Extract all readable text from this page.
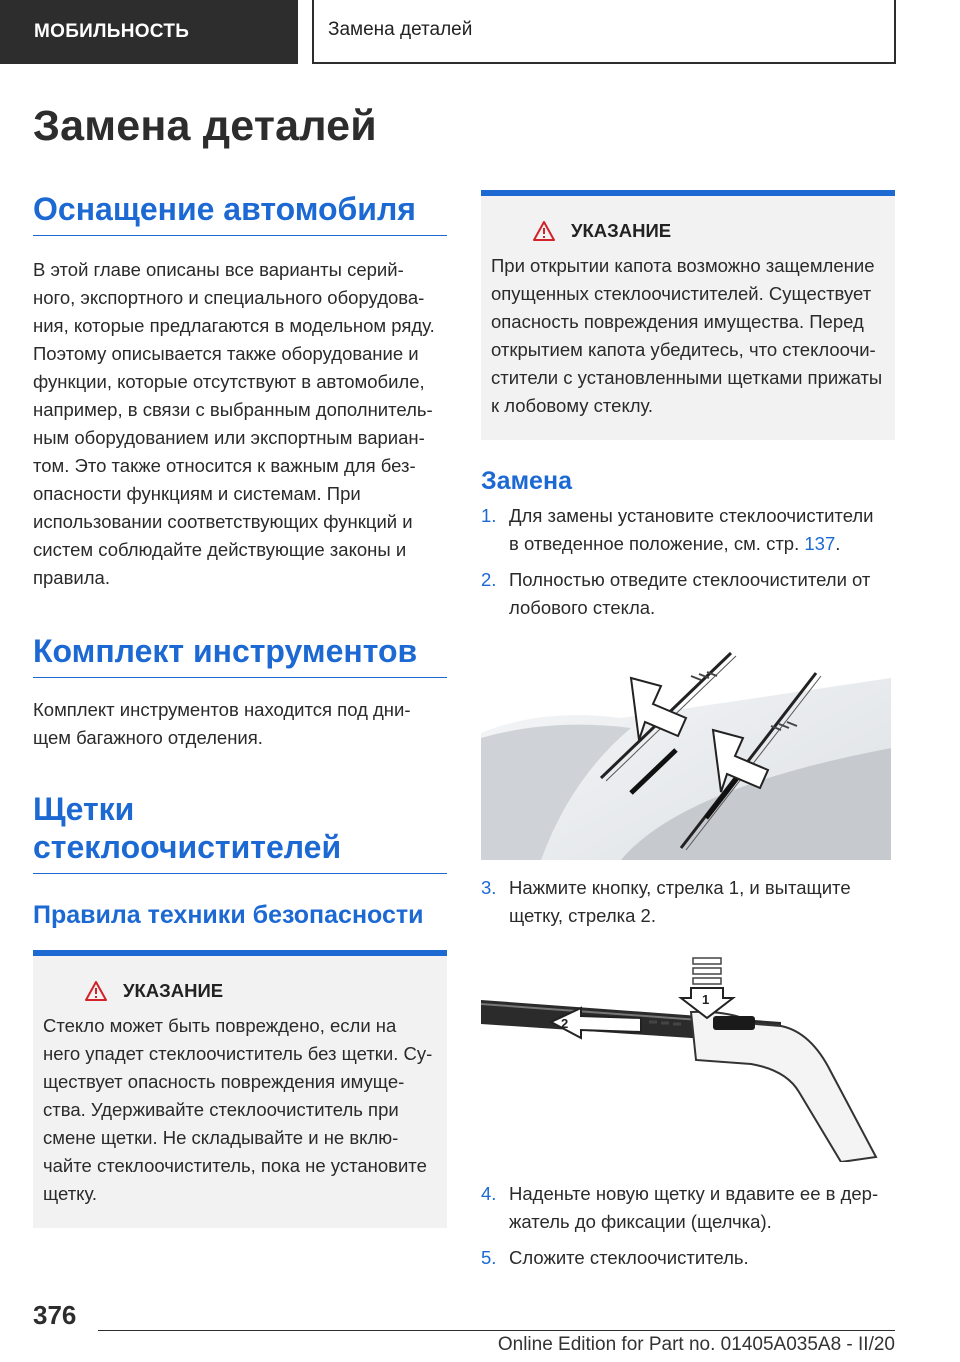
МОБИЛЬНОСТЬ	Замена деталей
Замена деталей
Оснащение автомобиля
В этой главе описаны все варианты серий-
ного, экспортного и специального оборудова-
ния, которые предлагаются в модельном ряду.
Поэтому описывается также оборудование и
функции, которые отсутствуют в автомобиле,
например, в связи с выбранным дополнитель-
ным оборудованием или экспортным вариан-
том. Это также относится к важным для без-
опасности функциям и системам. При
использовании соответствующих функций и
систем соблюдайте действующие законы и
правила.
Комплект инструментов
Комплект инструментов находится под дни-
щем багажного отделения.
Щетки стеклоочистителей
Правила техники безопасности
УКАЗАНИЕ
Стекло может быть повреждено, если на
него упадет стеклоочиститель без щетки. Су-
ществует опасность повреждения имуще-
ства. Удерживайте стеклоочиститель при
смене щетки. Не складывайте и не вклю-
чайте стеклоочиститель, пока не установите
щетку.
УКАЗАНИЕ
При открытии капота возможно защемление
опущенных стеклоочистителей. Существует
опасность повреждения имущества. Перед
открытием капота убедитесь, что стеклоочи-
стители с установленными щетками прижаты
к лобовому стеклу.
Замена
1. Для замены установите стеклоочистители
в отведенное положение, см. стр. 137.
2. Полностью отведите стеклоочистители от
лобового стекла.
3. Нажмите кнопку, стрелка 1, и вытащите
щетку, стрелка 2.
2
1
4. Наденьте новую щетку и вдавите ее в дер-
жатель до фиксации (щелчка).
5. Сложите стеклоочиститель.
376
Online Edition for Part no. 01405A035A8 - II/20
